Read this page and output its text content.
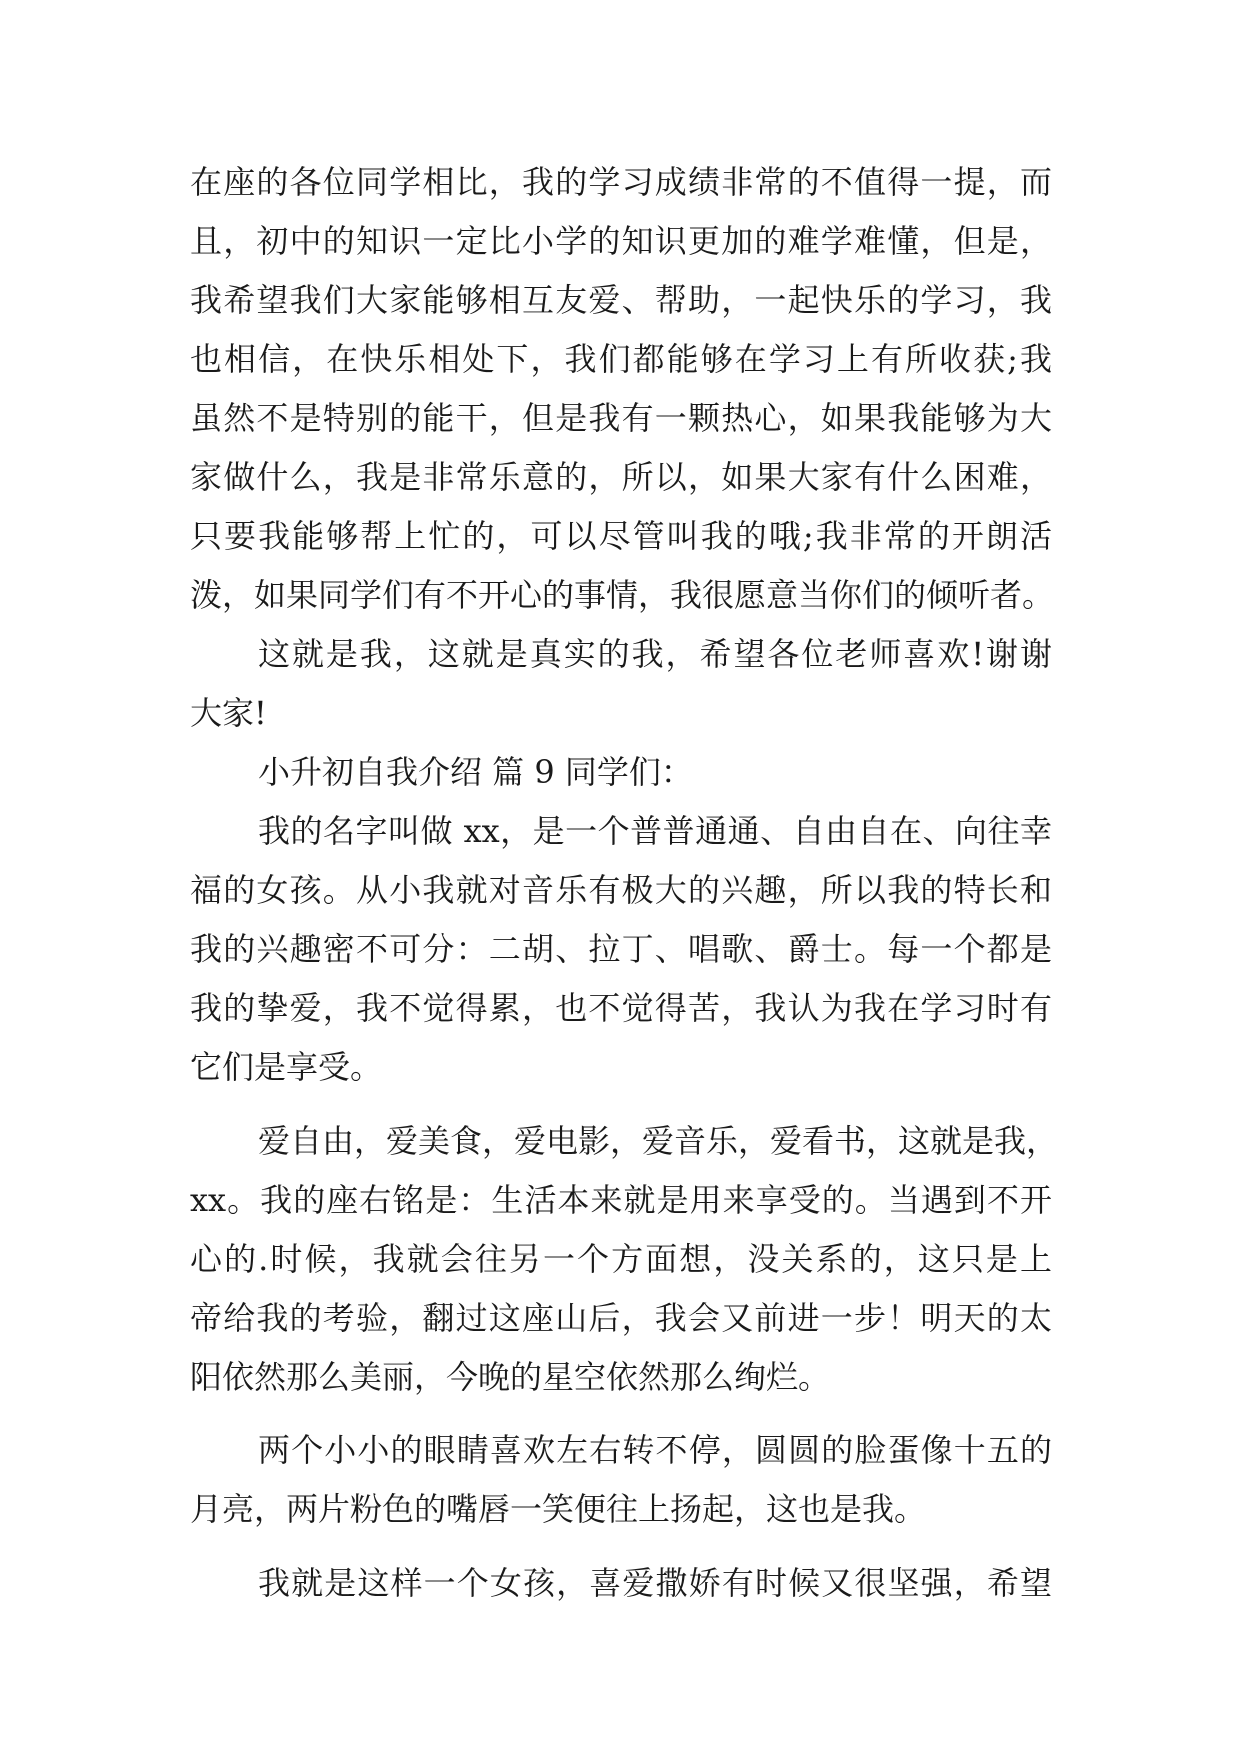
在座的各位同学相比，我的学习成绩非常的不值得一提，而

且，初中的知识一定比小学的知识更加的难学难懂，但是，

我希望我们大家能够相互友爱、帮助，一起快乐的学习，我

也相信，在快乐相处下，我们都能够在学习上有所收获;我

虽然不是特别的能干，但是我有一颗热心，如果我能够为大

家做什么，我是非常乐意的，所以，如果大家有什么困难，

只要我能够帮上忙的，可以尽管叫我的哦;我非常的开朗活

泼，如果同学们有不开心的事情，我很愿意当你们的倾听者。

这就是我，这就是真实的我，希望各位老师喜欢!谢谢

大家!

小升初自我介绍 篇 9 同学们：

我的名字叫做 xx，是一个普普通通、自由自在、向往幸

福的女孩。从小我就对音乐有极大的兴趣，所以我的特长和

我的兴趣密不可分：二胡、拉丁、唱歌、爵士。每一个都是

我的挚爱，我不觉得累，也不觉得苦，我认为我在学习时有

它们是享受。

爱自由，爱美食，爱电影，爱音乐，爱看书，这就是我，

xx。我的座右铭是：生活本来就是用来享受的。当遇到不开

心的.时候，我就会往另一个方面想，没关系的，这只是上

帝给我的考验，翻过这座山后，我会又前进一步！明天的太

阳依然那么美丽，今晚的星空依然那么绚烂。

两个小小的眼睛喜欢左右转不停，圆圆的脸蛋像十五的

月亮，两片粉色的嘴唇一笑便往上扬起，这也是我。

我就是这样一个女孩，喜爱撒娇有时候又很坚强，希望
